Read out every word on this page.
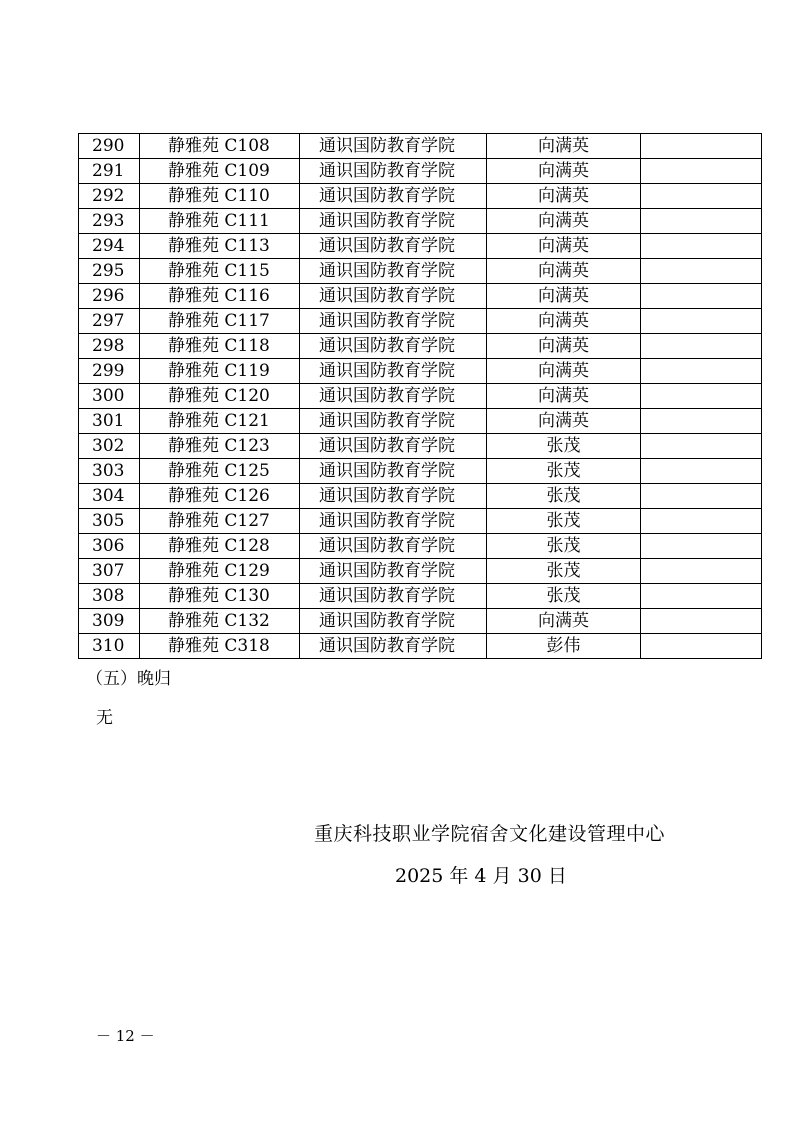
290	静雅苑 C108	通识国防教育学院	向满英	
291	静雅苑 C109	通识国防教育学院	向满英	
292	静雅苑 C110	通识国防教育学院	向满英	
293	静雅苑 C111	通识国防教育学院	向满英	
294	静雅苑 C113	通识国防教育学院	向满英	
295	静雅苑 C115	通识国防教育学院	向满英	
296	静雅苑 C116	通识国防教育学院	向满英	
297	静雅苑 C117	通识国防教育学院	向满英	
298	静雅苑 C118	通识国防教育学院	向满英	
299	静雅苑 C119	通识国防教育学院	向满英	
300	静雅苑 C120	通识国防教育学院	向满英	
301	静雅苑 C121	通识国防教育学院	向满英	
302	静雅苑 C123	通识国防教育学院	张茂	
303	静雅苑 C125	通识国防教育学院	张茂	
304	静雅苑 C126	通识国防教育学院	张茂	
305	静雅苑 C127	通识国防教育学院	张茂	
306	静雅苑 C128	通识国防教育学院	张茂	
307	静雅苑 C129	通识国防教育学院	张茂	
308	静雅苑 C130	通识国防教育学院	张茂	
309	静雅苑 C132	通识国防教育学院	向满英	
310	静雅苑 C318	通识国防教育学院	彭伟	
（五）晚归
无
重庆科技职业学院宿舍文化建设管理中心
2025 年 4 月 30 日
－ 12 －
